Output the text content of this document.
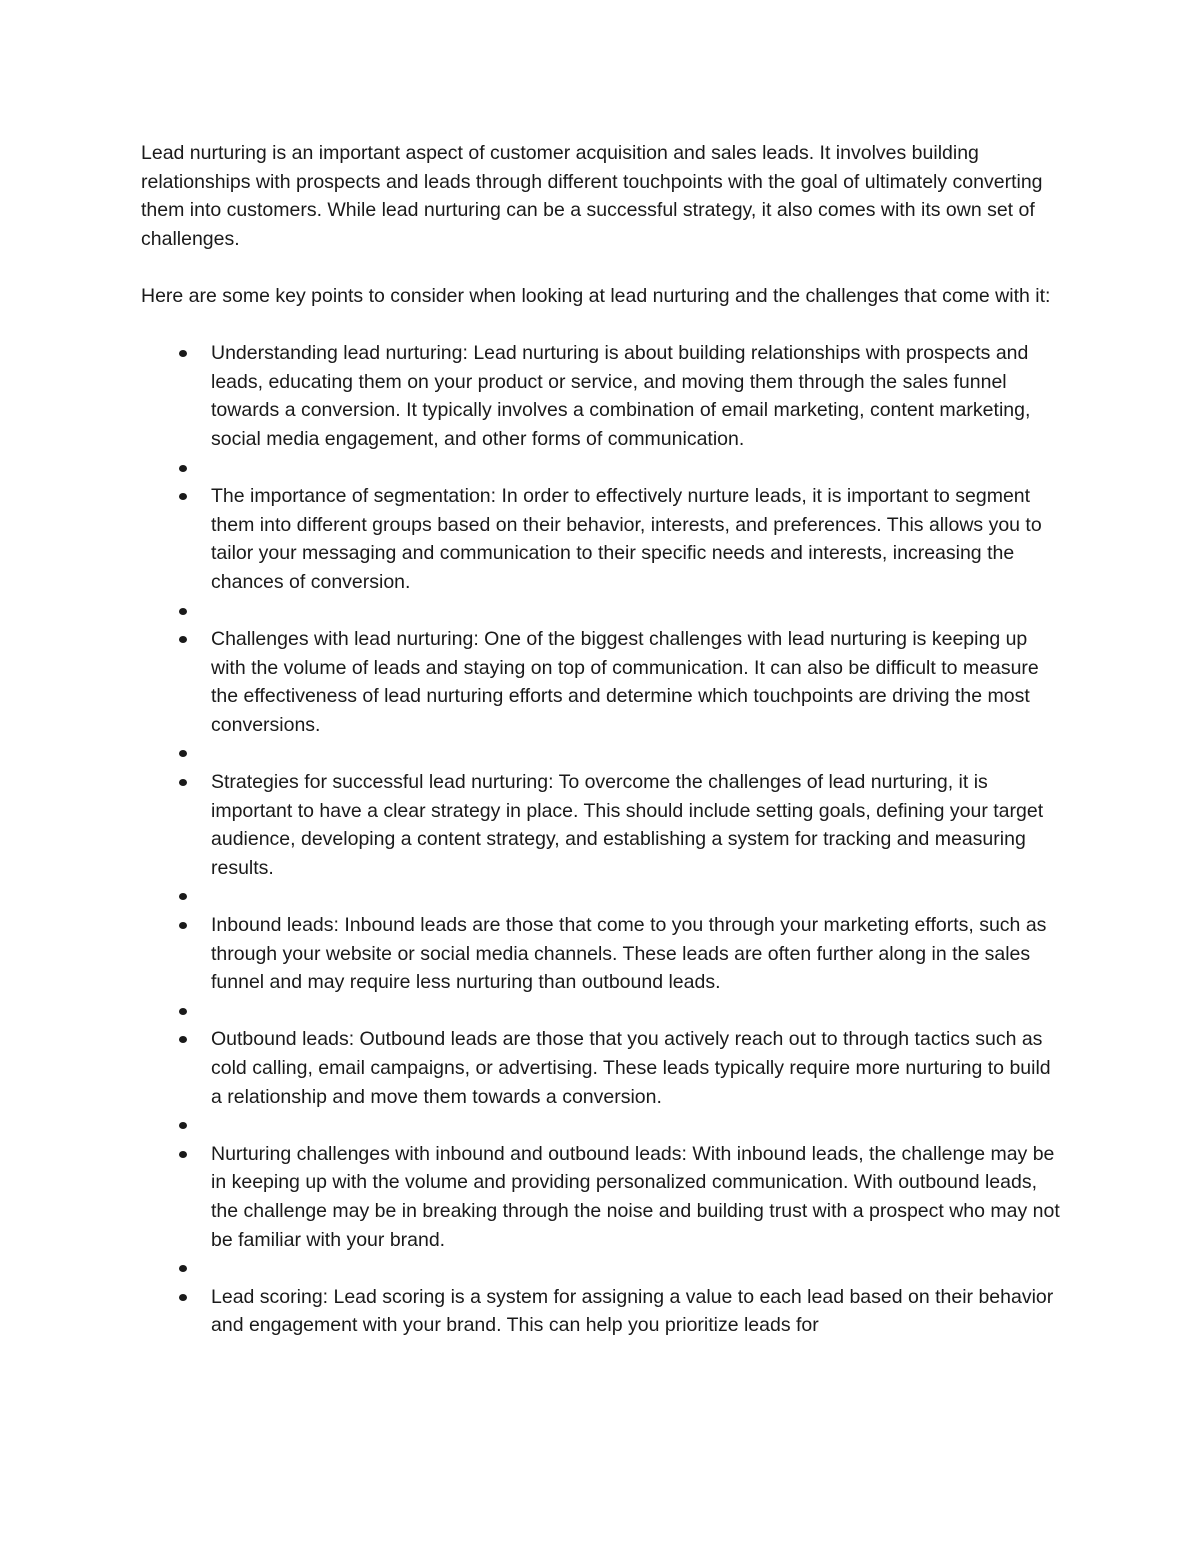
Lead nurturing is an important aspect of customer acquisition and sales leads. It involves building relationships with prospects and leads through different touchpoints with the goal of ultimately converting them into customers. While lead nurturing can be a successful strategy, it also comes with its own set of challenges.

Here are some key points to consider when looking at lead nurturing and the challenges that come with it:

Understanding lead nurturing: Lead nurturing is about building relationships with prospects and leads, educating them on your product or service, and moving them through the sales funnel towards a conversion. It typically involves a combination of email marketing, content marketing, social media engagement, and other forms of communication.
The importance of segmentation: In order to effectively nurture leads, it is important to segment them into different groups based on their behavior, interests, and preferences. This allows you to tailor your messaging and communication to their specific needs and interests, increasing the chances of conversion.
Challenges with lead nurturing: One of the biggest challenges with lead nurturing is keeping up with the volume of leads and staying on top of communication. It can also be difficult to measure the effectiveness of lead nurturing efforts and determine which touchpoints are driving the most conversions.
Strategies for successful lead nurturing: To overcome the challenges of lead nurturing, it is important to have a clear strategy in place. This should include setting goals, defining your target audience, developing a content strategy, and establishing a system for tracking and measuring results.
Inbound leads: Inbound leads are those that come to you through your marketing efforts, such as through your website or social media channels. These leads are often further along in the sales funnel and may require less nurturing than outbound leads.
Outbound leads: Outbound leads are those that you actively reach out to through tactics such as cold calling, email campaigns, or advertising. These leads typically require more nurturing to build a relationship and move them towards a conversion.
Nurturing challenges with inbound and outbound leads: With inbound leads, the challenge may be in keeping up with the volume and providing personalized communication. With outbound leads, the challenge may be in breaking through the noise and building trust with a prospect who may not be familiar with your brand.
Lead scoring: Lead scoring is a system for assigning a value to each lead based on their behavior and engagement with your brand. This can help you prioritize leads for
